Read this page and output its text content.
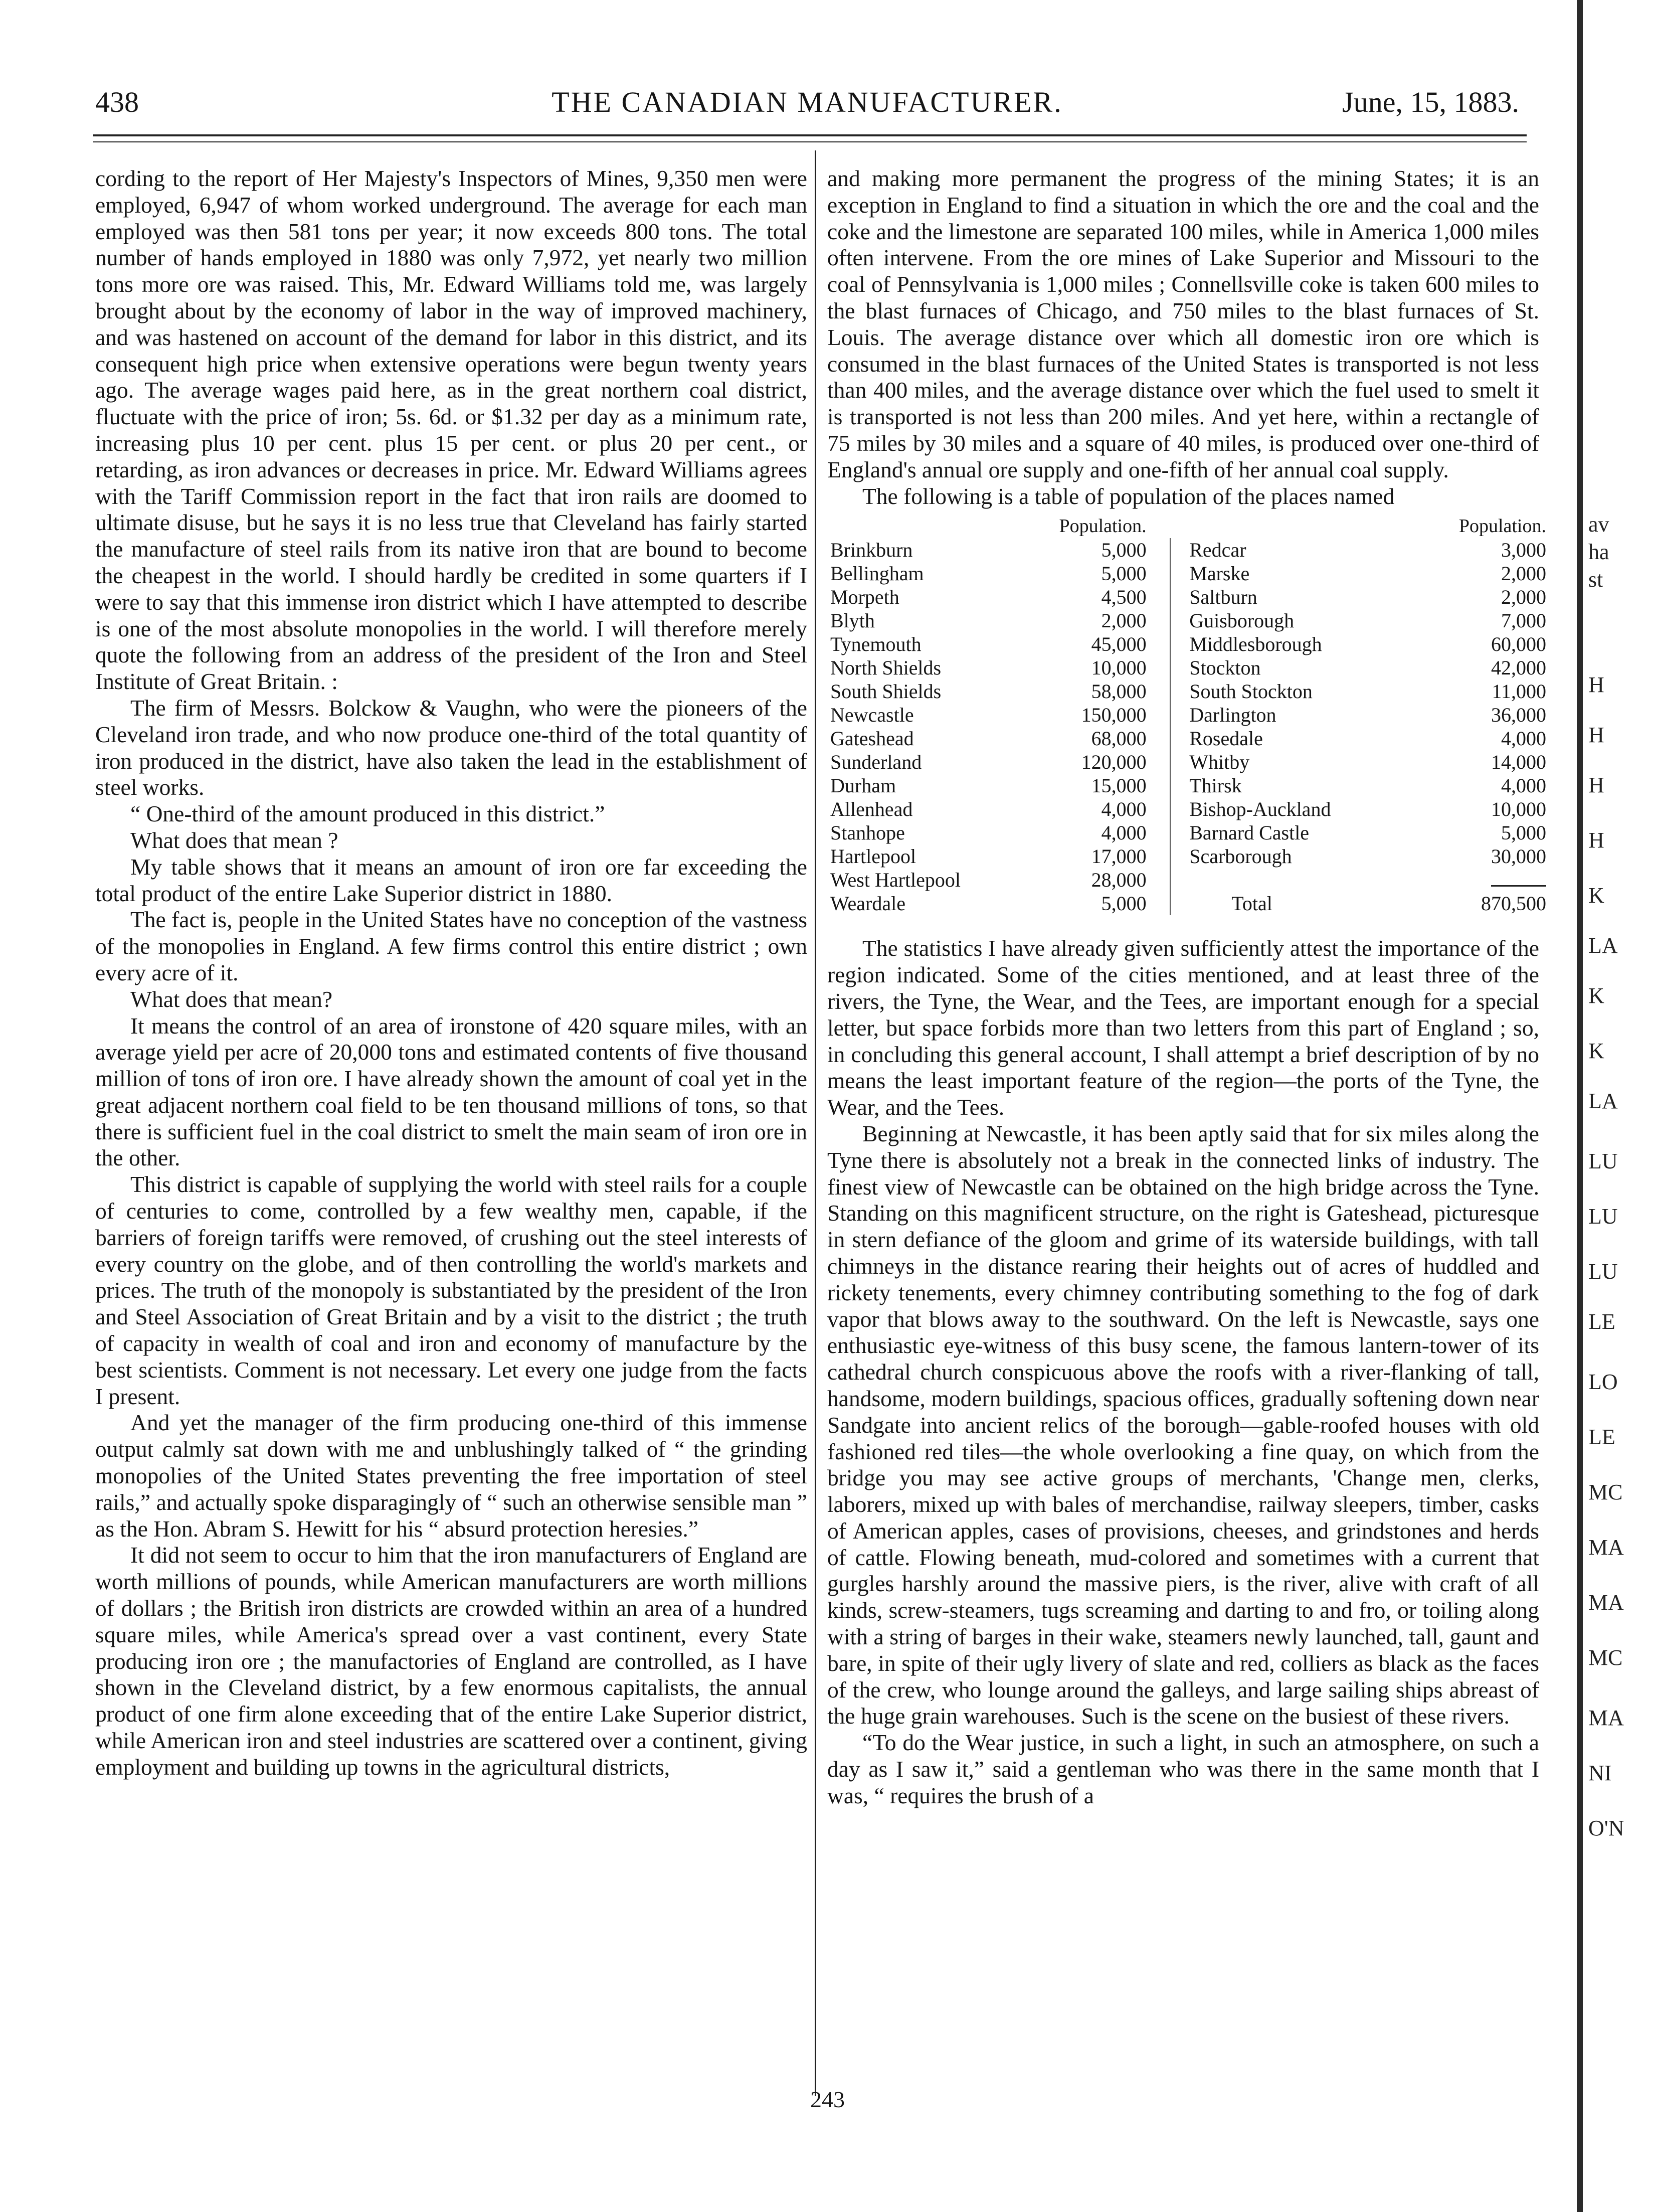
438	THE CANADIAN MANUFACTURER.	June, 15, 1883.

cording to the report of Her Majesty's Inspectors of Mines, 9,350 men were employed, 6,947 of whom worked underground. The average for each man employed was then 581 tons per year; it now exceeds 800 tons. The total number of hands employed in 1880 was only 7,972, yet nearly two million tons more ore was raised. This, Mr. Edward Williams told me, was largely brought about by the economy of labor in the way of improved machinery, and was hastened on account of the demand for labor in this district, and its consequent high price when extensive operations were begun twenty years ago. The average wages paid here, as in the great northern coal district, fluctuate with the price of iron; 5s. 6d. or $1.32 per day as a minimum rate, increasing plus 10 per cent. plus 15 per cent. or plus 20 per cent., or retarding, as iron advances or decreases in price. Mr. Edward Williams agrees with the Tariff Commission report in the fact that iron rails are doomed to ultimate disuse, but he says it is no less true that Cleveland has fairly started the manufacture of steel rails from its native iron that are bound to become the cheapest in the world. I should hardly be credited in some quarters if I were to say that this immense iron district which I have attempted to describe is one of the most absolute monopolies in the world. I will therefore merely quote the following from an address of the president of the Iron and Steel Institute of Great Britain. :

The firm of Messrs. Bolckow & Vaughn, who were the pioneers of the Cleveland iron trade, and who now produce one-third of the total quantity of iron produced in the district, have also taken the lead in the establishment of steel works.

“ One-third of the amount produced in this district.”

What does that mean ?

My table shows that it means an amount of iron ore far exceeding the total product of the entire Lake Superior district in 1880.

The fact is, people in the United States have no conception of the vastness of the monopolies in England. A few firms control this entire district ; own every acre of it.

What does that mean?

It means the control of an area of ironstone of 420 square miles, with an average yield per acre of 20,000 tons and estimated contents of five thousand million of tons of iron ore. I have already shown the amount of coal yet in the great adjacent northern coal field to be ten thousand millions of tons, so that there is sufficient fuel in the coal district to smelt the main seam of iron ore in the other.

This district is capable of supplying the world with steel rails for a couple of centuries to come, controlled by a few wealthy men, capable, if the barriers of foreign tariffs were removed, of crushing out the steel interests of every country on the globe, and of then controlling the world's markets and prices. The truth of the monopoly is substantiated by the president of the Iron and Steel Association of Great Britain and by a visit to the district ; the truth of capacity in wealth of coal and iron and economy of manufacture by the best scientists. Comment is not necessary. Let every one judge from the facts I present.

And yet the manager of the firm producing one-third of this immense output calmly sat down with me and unblushingly talked of “ the grinding monopolies of the United States preventing the free importation of steel rails,” and actually spoke disparagingly of “ such an otherwise sensible man ” as the Hon. Abram S. Hewitt for his “ absurd protection heresies.”

It did not seem to occur to him that the iron manufacturers of England are worth millions of pounds, while American manufacturers are worth millions of dollars ; the British iron districts are crowded within an area of a hundred square miles, while America's spread over a vast continent, every State producing iron ore ; the manufactories of England are controlled, as I have shown in the Cleveland district, by a few enormous capitalists, the annual product of one firm alone exceeding that of the entire Lake Superior district, while American iron and steel industries are scattered over a continent, giving employment and building up towns in the agricultural districts,

and making more permanent the progress of the mining States; it is an exception in England to find a situation in which the ore and the coal and the coke and the limestone are separated 100 miles, while in America 1,000 miles often intervene. From the ore mines of Lake Superior and Missouri to the coal of Pennsylvania is 1,000 miles ; Connellsville coke is taken 600 miles to the blast furnaces of Chicago, and 750 miles to the blast furnaces of St. Louis. The average distance over which all domestic iron ore which is consumed in the blast furnaces of the United States is transported is not less than 400 miles, and the average distance over which the fuel used to smelt it is transported is not less than 200 miles. And yet here, within a rectangle of 75 miles by 30 miles and a square of 40 miles, is produced over one-third of England's annual ore supply and one-fifth of her annual coal supply.

The following is a table of population of the places named

Population.				Population.	
Brinkburn	5,000			Redcar	3,000
Bellingham	5,000			Marske	2,000
Morpeth	4,500			Saltburn	2,000
Blyth	2,000			Guisborough	7,000
Tynemouth	45,000			Middlesborough	60,000
North Shields	10,000			Stockton	42,000
South Shields	58,000			South Stockton	11,000
Newcastle	150,000			Darlington	36,000
Gateshead	68,000			Rosedale	4,000
Sunderland	120,000			Whitby	14,000
Durham	15,000			Thirsk	4,000
Allenhead	4,000			Bishop-Auckland	10,000
Stanhope	4,000			Barnard Castle	5,000
Hartlepool	17,000			Scarborough	30,000
West Hartlepool	28,000				
Weardale	5,000			Total	870,500

The statistics I have already given sufficiently attest the importance of the region indicated. Some of the cities mentioned, and at least three of the rivers, the Tyne, the Wear, and the Tees, are important enough for a special letter, but space forbids more than two letters from this part of England ; so, in concluding this general account, I shall attempt a brief description of by no means the least important feature of the region—the ports of the Tyne, the Wear, and the Tees.

Beginning at Newcastle, it has been aptly said that for six miles along the Tyne there is absolutely not a break in the connected links of industry. The finest view of Newcastle can be obtained on the high bridge across the Tyne. Standing on this magnificent structure, on the right is Gateshead, picturesque in stern defiance of the gloom and grime of its waterside buildings, with tall chimneys in the distance rearing their heights out of acres of huddled and rickety tenements, every chimney contributing something to the fog of dark vapor that blows away to the southward. On the left is Newcastle, says one enthusiastic eye-witness of this busy scene, the famous lantern-tower of its cathedral church conspicuous above the roofs with a river-flanking of tall, handsome, modern buildings, spacious offices, gradually softening down near Sandgate into ancient relics of the borough—gable-roofed houses with old fashioned red tiles—the whole overlooking a fine quay, on which from the bridge you may see active groups of merchants, 'Change men, clerks, laborers, mixed up with bales of merchandise, railway sleepers, timber, casks of American apples, cases of provisions, cheeses, and grindstones and herds of cattle. Flowing beneath, mud-colored and sometimes with a current that gurgles harshly around the massive piers, is the river, alive with craft of all kinds, screw-steamers, tugs screaming and darting to and fro, or toiling along with a string of barges in their wake, steamers newly launched, tall, gaunt and bare, in spite of their ugly livery of slate and red, colliers as black as the faces of the crew, who lounge around the galleys, and large sailing ships abreast of the huge grain warehouses. Such is the scene on the busiest of these rivers.

“To do the Wear justice, in such a light, in such an atmosphere, on such a day as I saw it,” said a gentleman who was there in the same month that I was, “ requires the brush of a

243
av
ha
st
H
H
H
H
K
LA
K
K
LA
LU
LU
LU
LE
LO
LE
MC
MA
MA
MC
MA
NI
O'N
